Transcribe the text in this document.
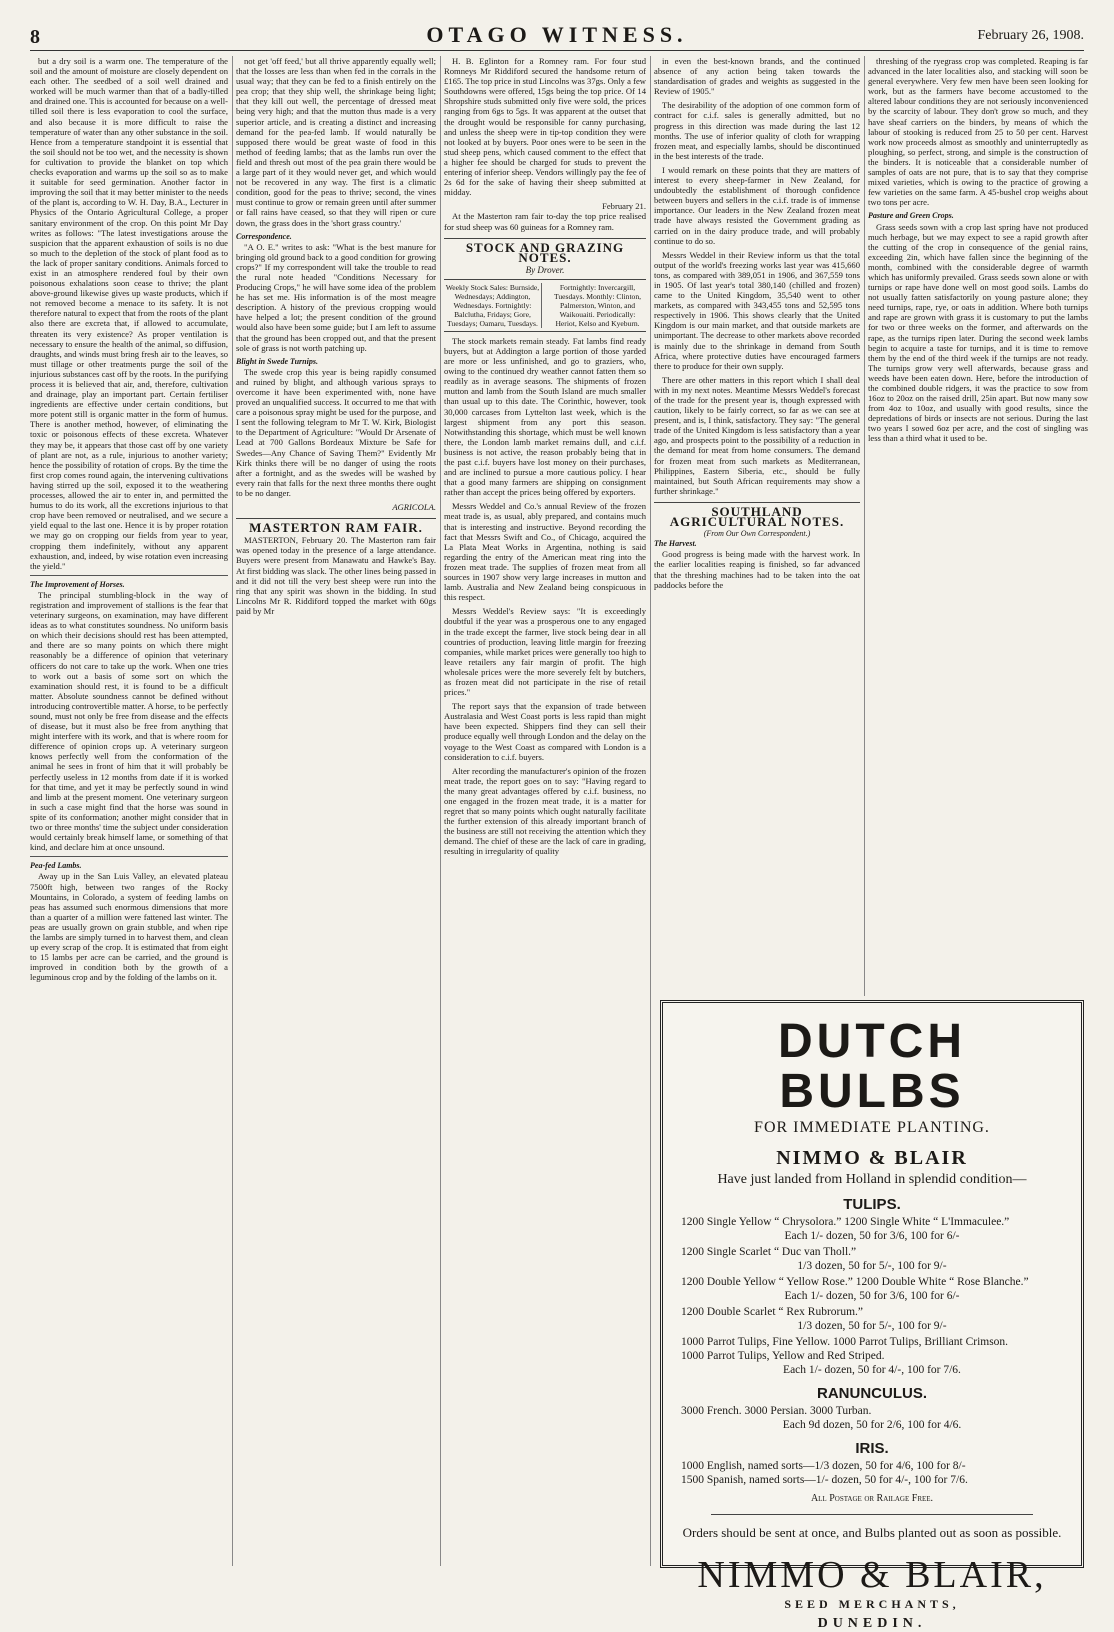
8	OTAGO WITNESS.	February 26, 1908.

but a dry soil is a warm one. The temperature of the soil and the amount of moisture are closely dependent on each other. The seedbed of a soil well drained and worked will be much warmer than that of a badly-tilled and drained one. This is accounted for because on a well-tilled soil there is less evaporation to cool the surface, and also because it is more difficult to raise the temperature of water than any other substance in the soil. Hence from a temperature standpoint it is essential that the soil should not be too wet, and the necessity is shown for cultivation to provide the blanket on top which checks evaporation and warms up the soil so as to make it suitable for seed germination. Another factor in improving the soil that it may better minister to the needs of the plant is, according to W. H. Day, B.A., Lecturer in Physics of the Ontario Agricultural College, a proper sanitary environment of the crop. On this point Mr Day writes as follows: "The latest investigations arouse the suspicion that the apparent exhaustion of soils is no due so much to the depletion of the stock of plant food as to the lack of proper sanitary conditions. Animals forced to exist in an atmosphere rendered foul by their own poisonous exhalations soon cease to thrive; the plant above-ground likewise gives up waste products, which if not removed become a menace to its safety. It is not therefore natural to expect that from the roots of the plant also there are excreta that, if allowed to accumulate, threaten its very existence? As proper ventilation is necessary to ensure the health of the animal, so diffusion, draughts, and winds must bring fresh air to the leaves, so must tillage or other treatments purge the soil of the injurious substances cast off by the roots. In the purifying process it is believed that air, and, therefore, cultivation and drainage, play an important part. Certain fertiliser ingredients are effective under certain conditions, but more potent still is organic matter in the form of humus. There is another method, however, of eliminating the toxic or poisonous effects of these excreta. Whatever they may be, it appears that those cast off by one variety of plant are not, as a rule, injurious to another variety; hence the possibility of rotation of crops. By the time the first crop comes round again, the intervening cultivations having stirred up the soil, exposed it to the weathering processes, allowed the air to enter in, and permitted the humus to do its work, all the excretions injurious to that crop have been removed or neutralised, and we secure a yield equal to the last one. Hence it is by proper rotation we may go on cropping our fields from year to year, cropping them indefinitely, without any apparent exhaustion, and, indeed, by wise rotation even increasing the yield."

The Improvement of Horses.

The principal stumbling-block in the way of registration and improvement of stallions is the fear that veterinary surgeons, on examination, may have different ideas as to what constitutes soundness. No uniform basis on which their decisions should rest has been attempted, and there are so many points on which there might reasonably be a difference of opinion that veterinary officers do not care to take up the work. When one tries to work out a basis of some sort on which the examination should rest, it is found to be a difficult matter. Absolute soundness cannot be defined without introducing controvertible matter. A horse, to be perfectly sound, must not only be free from disease and the effects of disease, but it must also be free from anything that might interfere with its work, and that is where room for difference of opinion crops up. A veterinary surgeon knows perfectly well from the conformation of the animal he sees in front of him that it will probably be perfectly useless in 12 months from date if it is worked for that time, and yet it may be perfectly sound in wind and limb at the present moment. One veterinary surgeon in such a case might find that the horse was sound in spite of its conformation; another might consider that in two or three months' time the subject under consideration would certainly break himself lame, or something of that kind, and declare him at once unsound.

Pea-fed Lambs.

Away up in the San Luis Valley, an elevated plateau 7500ft high, between two ranges of the Rocky Mountains, in Colorado, a system of feeding lambs on peas has assumed such enormous dimensions that more than a quarter of a million were fattened last winter. The peas are usually grown on grain stubble, and when ripe the lambs are simply turned in to harvest them, and clean up every scrap of the crop. It is estimated that from eight to 15 lambs per acre can be carried, and the ground is improved in condition both by the growth of a leguminous crop and by the folding of the lambs on it.

not get 'off feed,' but all thrive apparently equally well; that the losses are less than when fed in the corrals in the usual way; that they can be fed to a finish entirely on the pea crop; that they ship well, the shrinkage being light; that they kill out well, the percentage of dressed meat being very high; and that the mutton thus made is a very superior article, and is creating a distinct and increasing demand for the pea-fed lamb. If would naturally be supposed there would be great waste of food in this method of feeding lambs; that as the lambs run over the field and thresh out most of the pea grain there would be a large part of it they would never get, and which would not be recovered in any way. The first is a climatic condition, good for the peas to thrive; second, the vines must continue to grow or remain green until after summer or fall rains have ceased, so that they will ripen or cure down, the grass does in the 'short grass country.'

Correspondence.

"A O. E." writes to ask: "What is the best manure for bringing old ground back to a good condition for growing crops?" If my correspondent will take the trouble to read the rural note headed "Conditions Necessary for Producing Crops," he will have some idea of the problem he has set me. His information is of the most meagre description. A history of the previous cropping would have helped a lot; the present condition of the ground would also have been some guide; but I am left to assume that the ground has been cropped out, and that the present sole of grass is not worth patching up.

Blight in Swede Turnips.

The swede crop this year is being rapidly consumed and ruined by blight, and although various sprays to overcome it have been experimented with, none have proved an unqualified success. It occurred to me that with care a poisonous spray might be used for the purpose, and I sent the following telegram to Mr T. W. Kirk, Biologist to the Department of Agriculture: "Would Dr Arsenate of Lead at 700 Gallons Bordeaux Mixture be Safe for Swedes—Any Chance of Saving Them?" Evidently Mr Kirk thinks there will be no danger of using the roots after a fortnight, and as the swedes will be washed by every rain that falls for the next three months there ought to be no danger.

AGRICOLA.
MASTERTON RAM FAIR.

MASTERTON, February 20. The Masterton ram fair was opened today in the presence of a large attendance. Buyers were present from Manawatu and Hawke's Bay. At first bidding was slack. The other lines being passed in and it did not till the very best sheep were run into the ring that any spirit was shown in the bidding. In stud Lincolns Mr R. Riddiford topped the market with 60gs paid by Mr

H. B. Eglinton for a Romney ram. For four stud Romneys Mr Riddiford secured the handsome return of £165. The top price in stud Lincolns was 37gs. Only a few Southdowns were offered, 15gs being the top price. Of 14 Shropshire studs submitted only five were sold, the prices ranging from 6gs to 5gs. It was apparent at the outset that the drought would be responsible for canny purchasing, and unless the sheep were in tip-top condition they were not looked at by buyers. Poor ones were to be seen in the stud sheep pens, which caused comment to the effect that a higher fee should be charged for studs to prevent the entering of inferior sheep. Vendors willingly pay the fee of 2s 6d for the sake of having their sheep submitted at midday.

February 21.

At the Masterton ram fair to-day the top price realised for stud sheep was 60 guineas for a Romney ram.

STOCK AND GRAZING NOTES.
By Drover.
Weekly Stock Sales: Burnside, Wednesdays; Addington, Wednesdays. Fortnightly: Balclutha, Fridays; Gore, Tuesdays; Oamaru, Tuesdays.
Fortnightly: Invercargill, Tuesdays. Monthly: Clinton, Palmerston, Winton, and Waikouaiti. Periodically: Heriot, Kelso and Kyeburn.

The stock markets remain steady. Fat lambs find ready buyers, but at Addington a large portion of those yarded are more or less unfinished, and go to graziers, who, owing to the continued dry weather cannot fatten them so readily as in average seasons. The shipments of frozen mutton and lamb from the South Island are much smaller than usual up to this date. The Corinthic, however, took 30,000 carcases from Lyttelton last week, which is the largest shipment from any port this season. Notwithstanding this shortage, which must be well known there, the London lamb market remains dull, and c.i.f. business is not active, the reason probably being that in the past c.i.f. buyers have lost money on their purchases, and are inclined to pursue a more cautious policy. I hear that a good many farmers are shipping on consignment rather than accept the prices being offered by exporters.

Messrs Weddel and Co.'s annual Review of the frozen meat trade is, as usual, ably prepared, and contains much that is interesting and instructive. Beyond recording the fact that Messrs Swift and Co., of Chicago, acquired the La Plata Meat Works in Argentina, nothing is said regarding the entry of the American meat ring into the frozen meat trade. The supplies of frozen meat from all sources in 1907 show very large increases in mutton and lamb. Australia and New Zealand being conspicuous in this respect.

Messrs Weddel's Review says: "It is exceedingly doubtful if the year was a prosperous one to any engaged in the trade except the farmer, live stock being dear in all countries of production, leaving little margin for freezing companies, while market prices were generally too high to leave retailers any fair margin of profit. The high wholesale prices were the more severely felt by butchers, as frozen meat did not participate in the rise of retail prices."

The report says that the expansion of trade between Australasia and West Coast ports is less rapid than might have been expected. Shippers find they can sell their produce equally well through London and the delay on the voyage to the West Coast as compared with London is a consideration to c.i.f. buyers.

Alter recording the manufacturer's opinion of the frozen meat trade, the report goes on to say: "Having regard to the many great advantages offered by c.i.f. business, no one engaged in the frozen meat trade, it is a matter for regret that so many points which ought naturally facilitate the further extension of this already important branch of the business are still not receiving the attention which they demand. The chief of these are the lack of care in grading, resulting in irregularity of quality

in even the best-known brands, and the continued absence of any action being taken towards the standardisation of grades and weights as suggested in the Review of 1905."

The desirability of the adoption of one common form of contract for c.i.f. sales is generally admitted, but no progress in this direction was made during the last 12 months. The use of inferior quality of cloth for wrapping frozen meat, and especially lambs, should be discontinued in the best interests of the trade.

I would remark on these points that they are matters of interest to every sheep-farmer in New Zealand, for undoubtedly the establishment of thorough confidence between buyers and sellers in the c.i.f. trade is of immense importance. Our leaders in the New Zealand frozen meat trade have always resisted the Government grading as carried on in the dairy produce trade, and will probably continue to do so.

Messrs Weddel in their Review inform us that the total output of the world's freezing works last year was 415,660 tons, as compared with 389,051 in 1906, and 367,559 tons in 1905. Of last year's total 380,140 (chilled and frozen) came to the United Kingdom, 35,540 went to other markets, as compared with 343,455 tons and 52,595 tons respectively in 1906. This shows clearly that the United Kingdom is our main market, and that outside markets are unimportant. The decrease to other markets above recorded is mainly due to the shrinkage in demand from South Africa, where protective duties have encouraged farmers there to produce for their own supply.

There are other matters in this report which I shall deal with in my next notes. Meantime Messrs Weddel's forecast of the trade for the present year is, though expressed with caution, likely to be fairly correct, so far as we can see at present, and is, I think, satisfactory. They say: "The general trade of the United Kingdom is less satisfactory than a year ago, and prospects point to the possibility of a reduction in the demand for meat from home consumers. The demand for frozen meat from such markets as Mediterranean, Philippines, Eastern Siberia, etc., should be fully maintained, but South African requirements may show a further shrinkage."

SOUTHLAND AGRICULTURAL NOTES.
(From Our Own Correspondent.)
The Harvest.

Good progress is being made with the harvest work. In the earlier localities reaping is finished, so far advanced that the threshing machines had to be taken into the oat paddocks before the

threshing of the ryegrass crop was completed. Reaping is far advanced in the later localities also, and stacking will soon be general everywhere. Very few men have been seen looking for work, but as the farmers have become accustomed to the altered labour conditions they are not seriously inconvenienced by the scarcity of labour. They don't grow so much, and they have sheaf carriers on the binders, by means of which the labour of stooking is reduced from 25 to 50 per cent. Harvest work now proceeds almost as smoothly and uninterruptedly as ploughing, so perfect, strong, and simple is the construction of the binders. It is noticeable that a considerable number of samples of oats are not pure, that is to say that they comprise mixed varieties, which is owing to the practice of growing a few varieties on the same farm. A 45-bushel crop weighs about two tons per acre.

Pasture and Green Crops.

Grass seeds sown with a crop last spring have not produced much herbage, but we may expect to see a rapid growth after the cutting of the crop in consequence of the genial rains, exceeding 2in, which have fallen since the beginning of the month, combined with the considerable degree of warmth which has uniformly prevailed. Grass seeds sown alone or with turnips or rape have done well on most good soils. Lambs do not usually fatten satisfactorily on young pasture alone; they need turnips, rape, rye, or oats in addition. Where both turnips and rape are grown with grass it is customary to put the lambs for two or three weeks on the former, and afterwards on the rape, as the turnips ripen later. During the second week lambs begin to acquire a taste for turnips, and it is time to remove them by the end of the third week if the turnips are not ready. The turnips grow very well afterwards, because grass and weeds have been eaten down. Here, before the introduction of the combined double ridgers, it was the practice to sow from 16oz to 20oz on the raised drill, 25in apart. But now many sow from 4oz to 10oz, and usually with good results, since the depredations of birds or insects are not serious. During the last two years I sowed 6oz per acre, and the cost of singling was less than a third what it used to be.

DUTCH BULBS
FOR IMMEDIATE PLANTING.
NIMMO & BLAIR
Have just landed from Holland in splendid condition—
TULIPS.
1200 Single Yellow “ Chrysolora.” 1200 Single White “ L'Immaculee.”
Each 1/- dozen, 50 for 3/6, 100 for 6/-
1200 Single Scarlet “ Duc van Tholl.”
1/3 dozen, 50 for 5/-, 100 for 9/-
1200 Double Yellow “ Yellow Rose.” 1200 Double White “ Rose Blanche.”
Each 1/- dozen, 50 for 3/6, 100 for 6/-
1200 Double Scarlet “ Rex Rubrorum.”
1/3 dozen, 50 for 5/-, 100 for 9/-
1000 Parrot Tulips, Fine Yellow. 1000 Parrot Tulips, Brilliant Crimson.
1000 Parrot Tulips, Yellow and Red Striped.
Each 1/- dozen, 50 for 4/-, 100 for 7/6.
RANUNCULUS.
3000 French. 3000 Persian. 3000 Turban.
Each 9d dozen, 50 for 2/6, 100 for 4/6.
IRIS.
1000 English, named sorts—1/3 dozen, 50 for 4/6, 100 for 8/-
1500 Spanish, named sorts—1/- dozen, 50 for 4/-, 100 for 7/6.
All Postage or Railage Free.
Orders should be sent at once, and Bulbs planted out as soon as possible.
NIMMO & BLAIR,
SEED MERCHANTS,
DUNEDIN.
